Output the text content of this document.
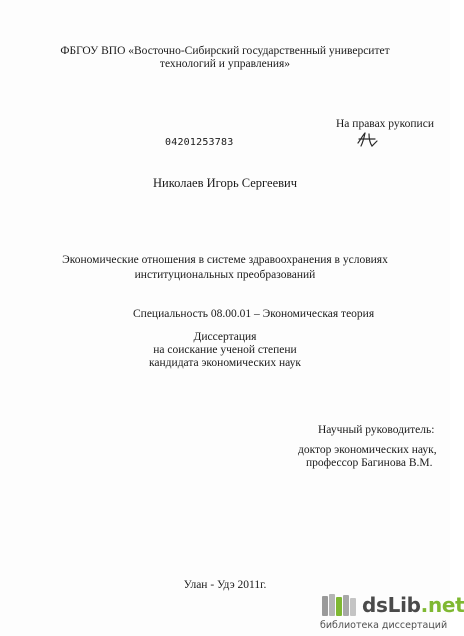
ФБГОУ ВПО «Восточно-Сибирский государственный университет
технологий и управления»
На правах рукописи
04201253783
Николаев Игорь Сергеевич
Экономические отношения в системе здравоохранения в условиях
институциональных преобразований
Специальность 08.00.01 – Экономическая теория
Диссертация
на соискание ученой степени
кандидата экономических наук
Научный руководитель:
доктор экономических наук,
профессор Багинова В.М.
Улан - Удэ 2011г.
dsLib.net
библиотека диссертаций
